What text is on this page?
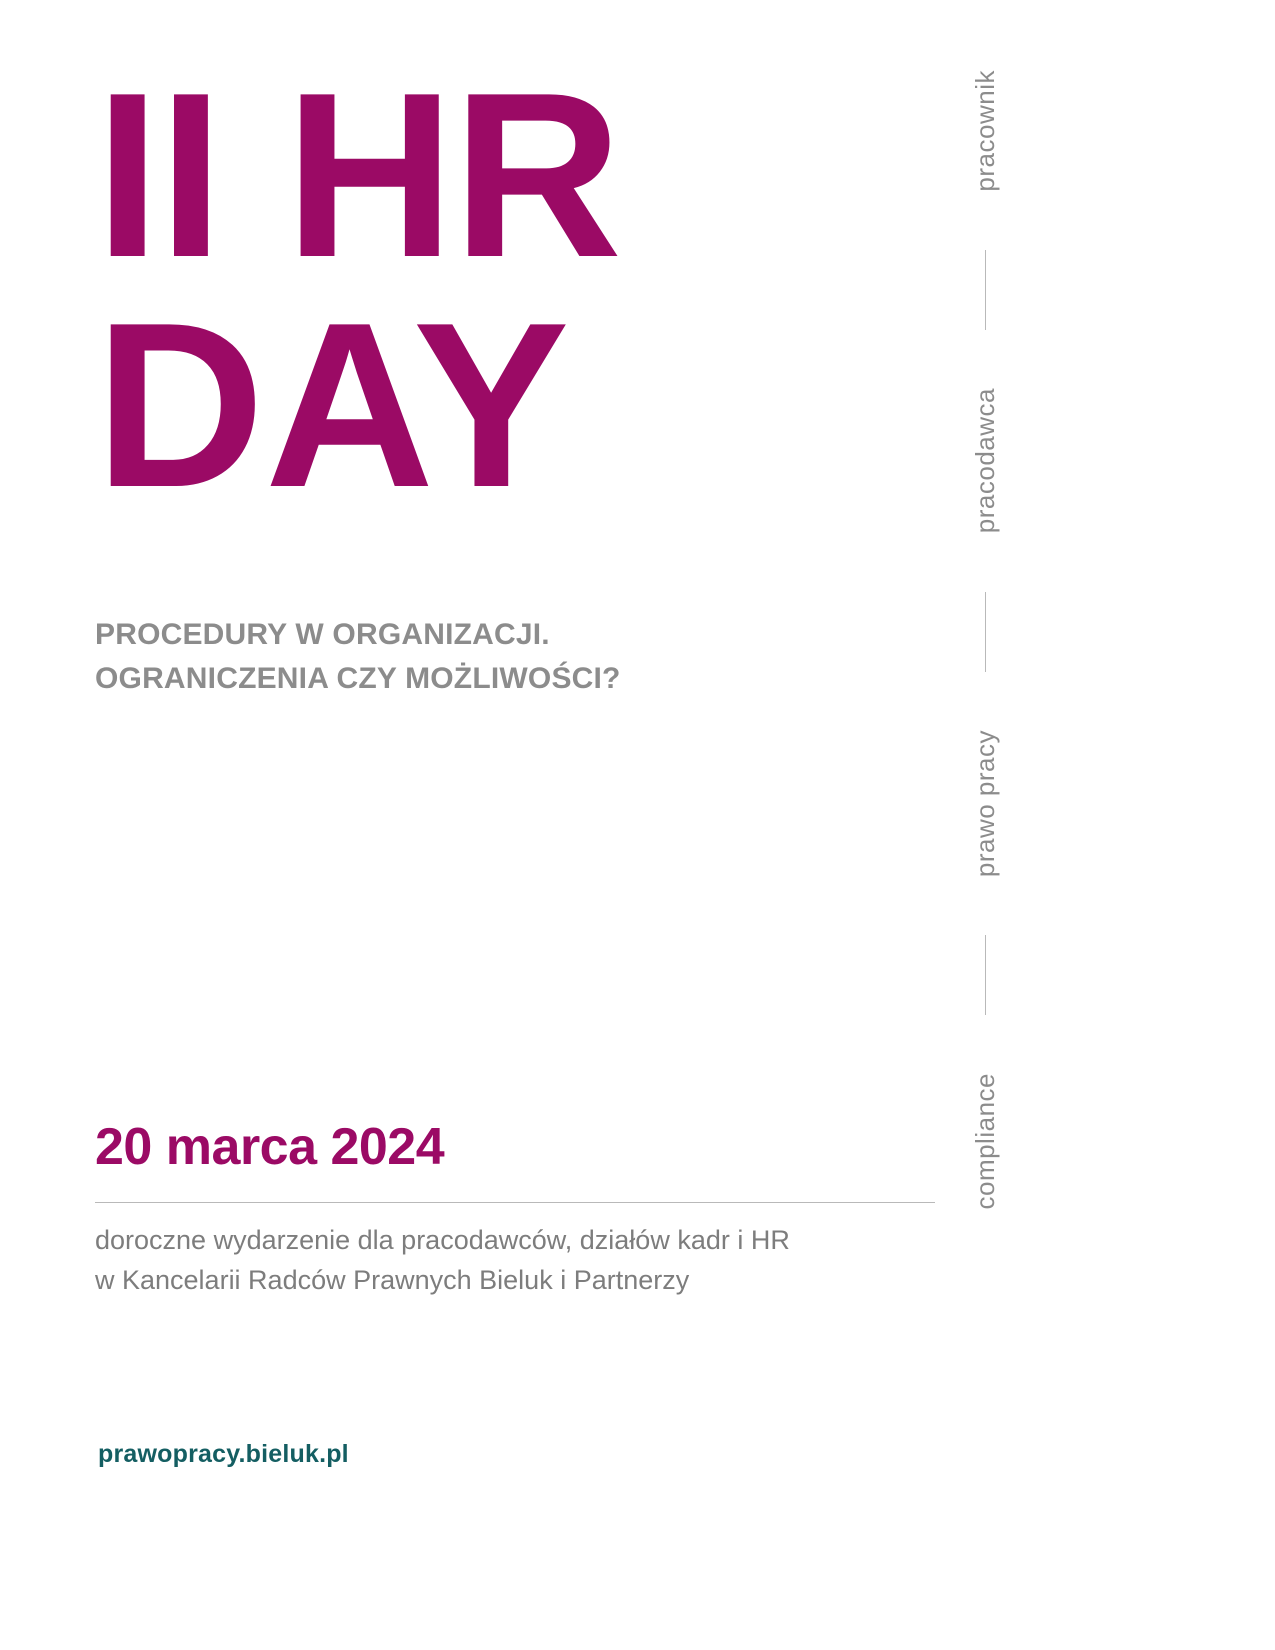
II HR
DAY
PROCEDURY W ORGANIZACJI.
OGRANICZENIA CZY MOŻLIWOŚCI?
20 marca 2024
doroczne wydarzenie dla pracodawców, działów kadr i HR
w Kancelarii Radców Prawnych Bieluk i Partnerzy
prawopracy.bieluk.pl
pracownik
pracodawca
prawo pracy
compliance
